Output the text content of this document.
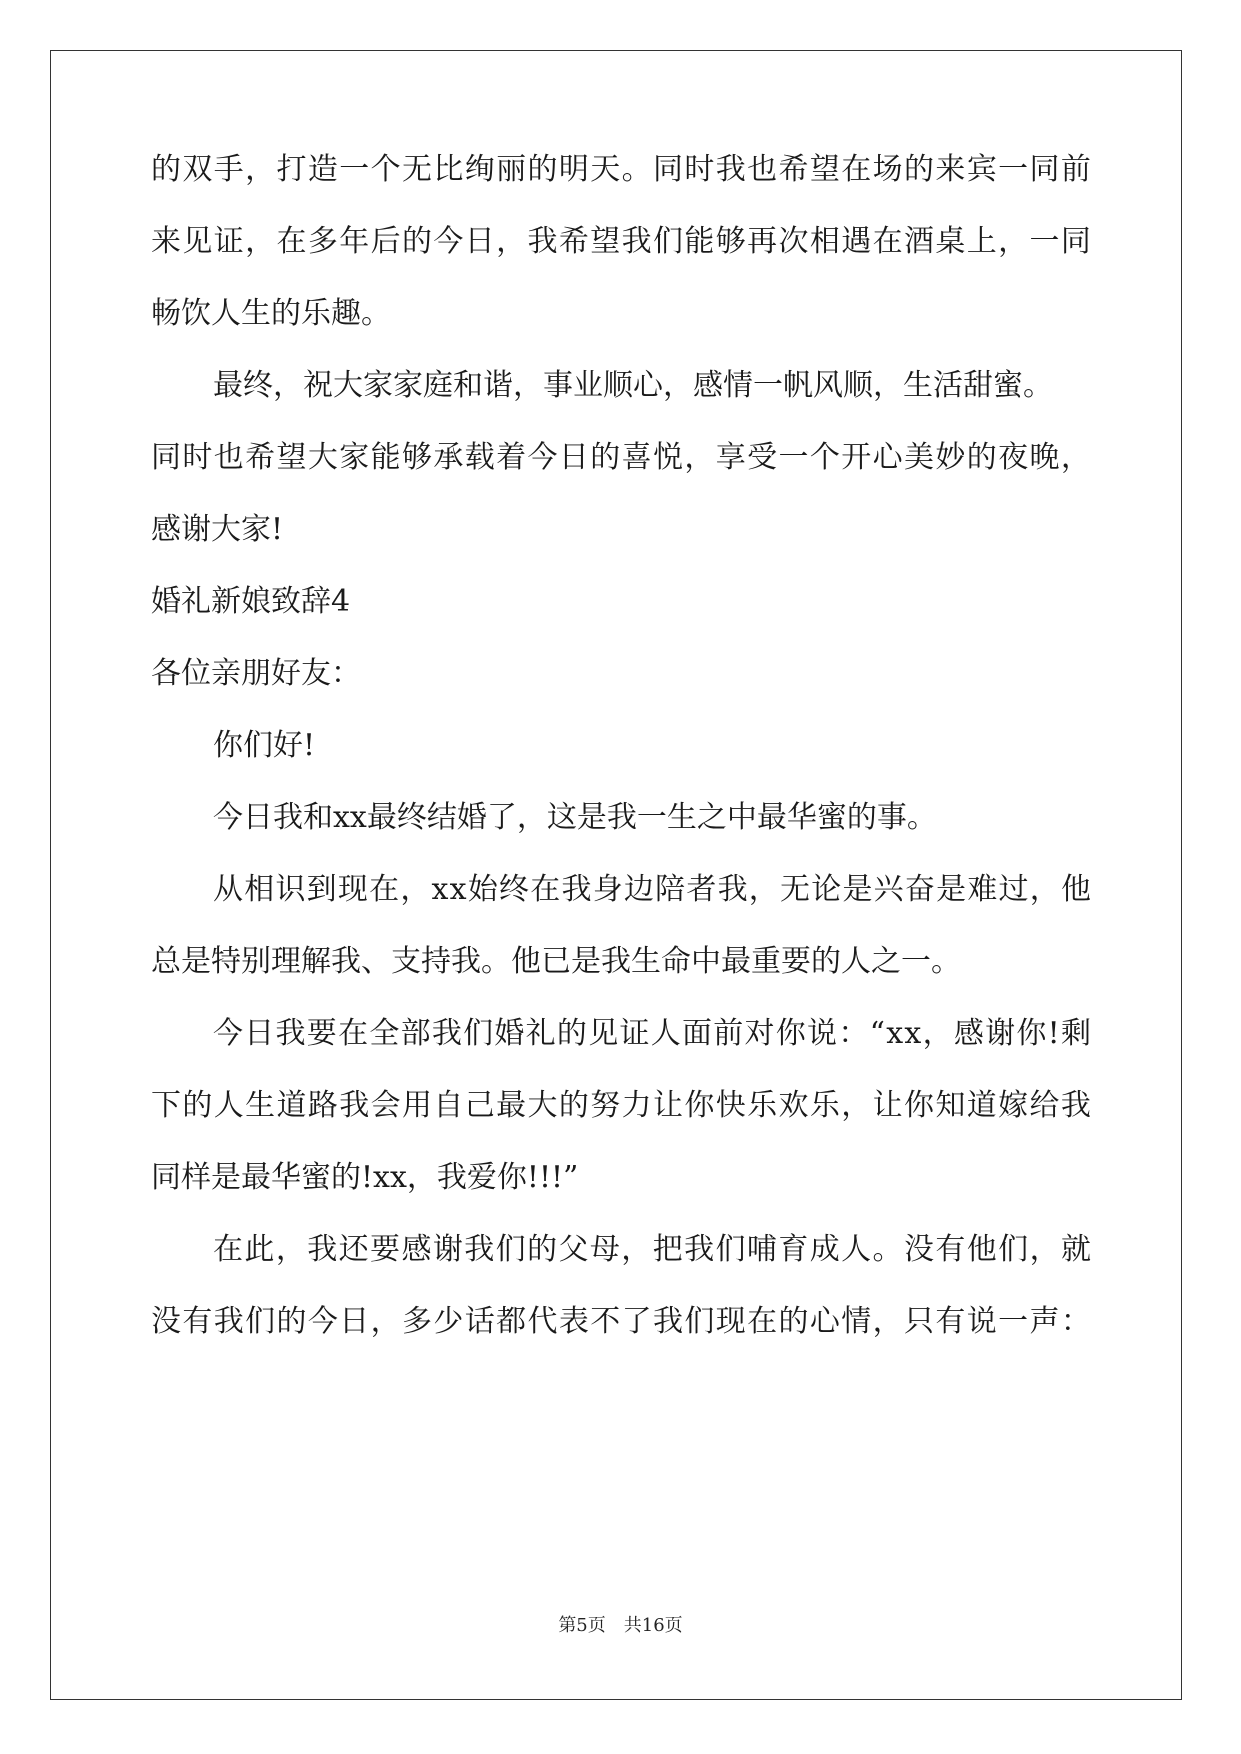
的 双 手 ， 打 造 一 个 无 比 绚 丽 的 明 天 。 同 时 我 也 希 望 在 场 的 来 宾 一 同 前
来 见 证 ， 在 多 年 后 的 今 日 ， 我 希 望 我 们 能 够 再 次 相 遇 在 酒 桌 上 ， 一 同
畅饮人生的乐趣。
最终，祝大家家庭和谐，事业顺心，感情一帆风顺，生活甜蜜。
同 时 也 希 望 大 家 能 够 承 载 着 今 日 的 喜 悦 ， 享 受 一 个 开 心 美 妙 的 夜 晚 ，
感谢大家!
婚礼新娘致辞4
各位亲朋好友：
你们好!
今日我和xx最终结婚了，这是我一生之中最华蜜的事。
从 相 识 到 现 在 ， x x 始 终 在 我 身 边 陪 者 我 ， 无 论 是 兴 奋 是 难 过 ， 他
总是特别理解我、支持我。他已是我生命中最重要的人之一。
今 日 我 要 在 全 部 我 们 婚 礼 的 见 证 人 面 前 对 你 说 ： “ x x ， 感 谢 你 ! 剩
下 的 人 生 道 路 我 会 用 自 己 最 大 的 努 力 让 你 快 乐 欢 乐 ， 让 你 知 道 嫁 给 我
同样是最华蜜的!xx，我爱你!!!”
在 此 ， 我 还 要 感 谢 我 们 的 父 母 ， 把 我 们 哺 育 成 人 。 没 有 他 们 ， 就
没 有 我 们 的 今 日 ， 多 少 话 都 代 表 不 了 我 们 现 在 的 心 情 ， 只 有 说 一 声 ：
第5页　共16页
